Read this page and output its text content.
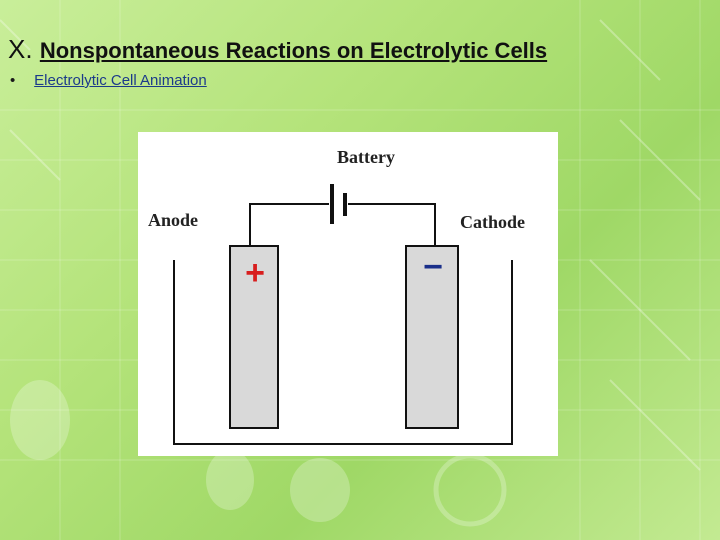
X. Nonspontaneous Reactions on Electrolytic Cells
• Electrolytic Cell Animation
Battery
Anode	Cathode
+	−
